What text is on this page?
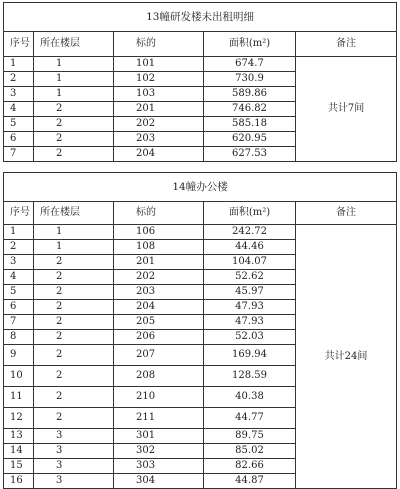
13幢研发楼未出租明细				
序号	所在楼层	标的	面积(m²)	备注
1	1	101	674.7	共计7间
2	1	102	730.9	
3	1	103	589.86	
4	2	201	746.82	
5	2	202	585.18	
6	2	203	620.95	
7	2	204	627.53	
14幢办公楼				
序号	所在楼层	标的	面积(m²)	备注
1	1	106	242.72	共计24间
2	1	108	44.46	
3	2	201	104.07	
4	2	202	52.62	
5	2	203	45.97	
6	2	204	47.93	
7	2	205	47.93	
8	2	206	52.03	
9	2	207	169.94	
10	2	208	128.59	
11	2	210	40.38	
12	2	211	44.77	
13	3	301	89.75	
14	3	302	85.02	
15	3	303	82.66	
16	3	304	44.87	
